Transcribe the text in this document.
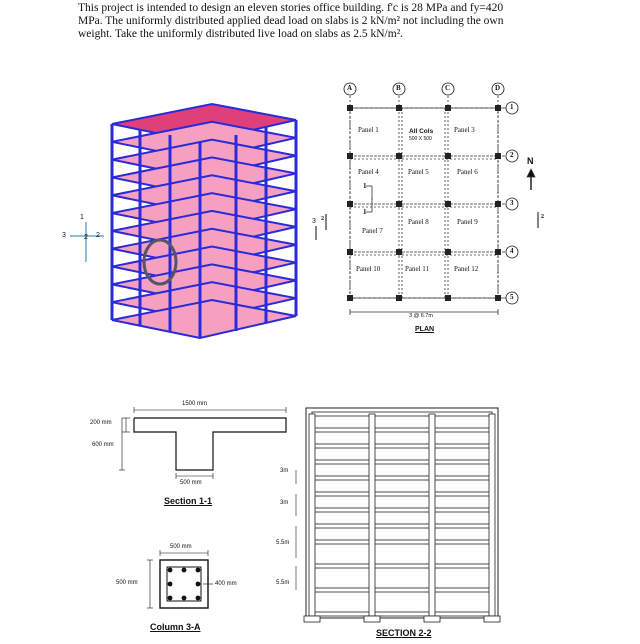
This project is intended to design an eleven stories office building. f'c is 28 MPa and fy=420

MPa. The uniformly distributed applied dead load on slabs is 2 kN/m² not including the own

weight. Take the uniformly distributed live load on slabs as 2.5 kN/m².

1
2
3
3
2
A	B	C	D
1
2
3
4
5
Panel 1	Panel 3
Panel 4	Panel 5	Panel 6
Panel 7
Panel 8	Panel 9
Panel 10	Panel 11	Panel 12
All Cols
500 X 500
1
1
2	2
3 @ 6.7m
PLAN
N
1500 mm
200 mm
600 mm
500 mm
Section 1-1
500 mm
500 mm	400 mm
Column 3-A
3m
3m
5.5m
5.5m
SECTION 2-2
